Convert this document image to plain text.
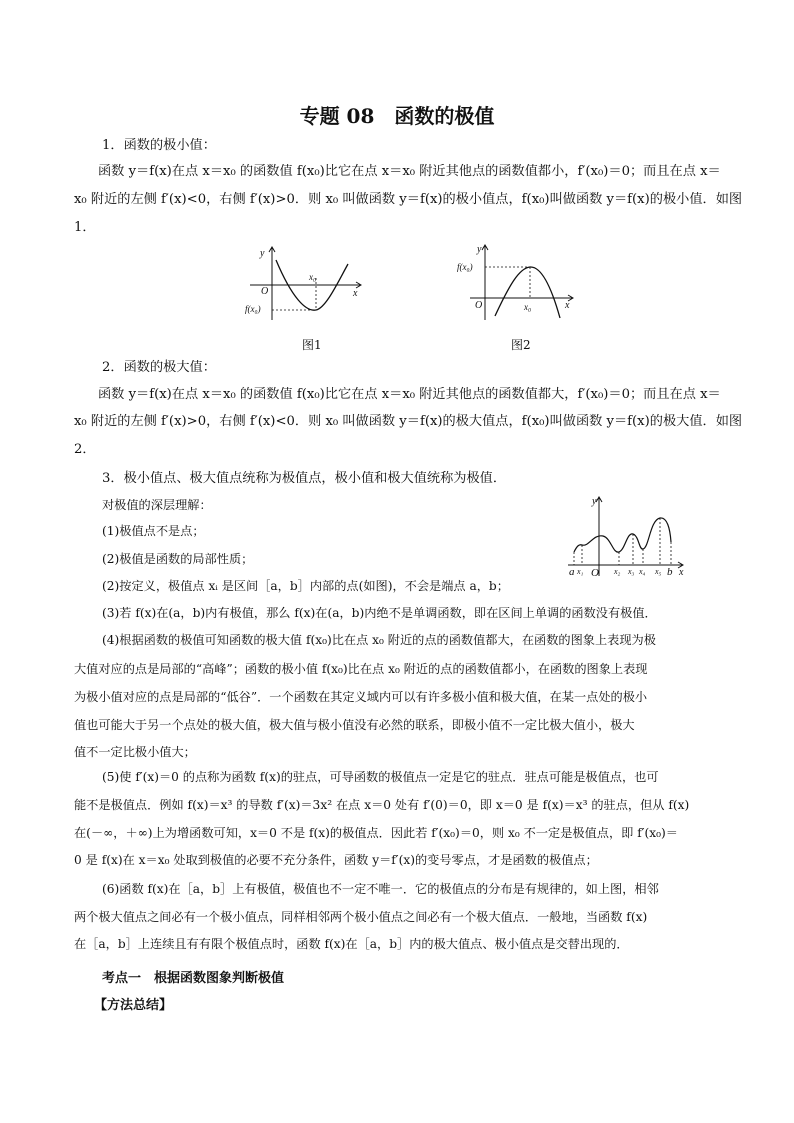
专题 08　函数的极值
1．函数的极小值：
函数 y＝f(x)在点 x＝x₀ 的函数值 f(x₀)比它在点 x＝x₀ 附近其他点的函数值都小，f′(x₀)＝0；而且在点 x＝
x₀ 附近的左侧 f′(x)<0，右侧 f′(x)>0．则 x₀ 叫做函数 y＝f(x)的极小值点，f(x₀)叫做函数 y＝f(x)的极小值．如图
1．
y
x
O
x₀
f(x₀)
图1
y
x
O	x₀
f(x₀)
图2
2．函数的极大值：
函数 y＝f(x)在点 x＝x₀ 的函数值 f(x₀)比它在点 x＝x₀ 附近其他点的函数值都大，f′(x₀)＝0；而且在点 x＝
x₀ 附近的左侧 f′(x)>0，右侧 f′(x)<0．则 x₀ 叫做函数 y＝f(x)的极大值点，f(x₀)叫做函数 y＝f(x)的极大值．如图
2．
3．极小值点、极大值点统称为极值点，极小值和极大值统称为极值．
对极值的深层理解：
(1)极值点不是点；
(2)极值是函数的局部性质；
(2)按定义，极值点 xᵢ 是区间［a，b］内部的点(如图)，不会是端点 a，b；
(3)若 f(x)在(a，b)内有极值，那么 f(x)在(a，b)内绝不是单调函数，即在区间上单调的函数没有极值．
y
x
O
a x₁	x₂ x₃ x₄ x₅ b
(4)根据函数的极值可知函数的极大值 f(x₀)比在点 x₀ 附近的点的函数值都大，在函数的图象上表现为极
大值对应的点是局部的“高峰”；函数的极小值 f(x₀)比在点 x₀ 附近的点的函数值都小，在函数的图象上表现
为极小值对应的点是局部的“低谷”．一个函数在其定义域内可以有许多极小值和极大值，在某一点处的极小
值也可能大于另一个点处的极大值，极大值与极小值没有必然的联系，即极小值不一定比极大值小，极大
值不一定比极小值大；
(5)使 f′(x)＝0 的点称为函数 f(x)的驻点，可导函数的极值点一定是它的驻点．驻点可能是极值点，也可
能不是极值点．例如 f(x)＝x³ 的导数 f′(x)＝3x² 在点 x＝0 处有 f′(0)＝0，即 x＝0 是 f(x)＝x³ 的驻点，但从 f(x)
在(－∞，＋∞)上为增函数可知，x＝0 不是 f(x)的极值点．因此若 f′(x₀)＝0，则 x₀ 不一定是极值点，即 f′(x₀)＝
0 是 f(x)在 x＝x₀ 处取到极值的必要不充分条件，函数 y＝f′(x)的变号零点，才是函数的极值点；
(6)函数 f(x)在［a，b］上有极值，极值也不一定不唯一．它的极值点的分布是有规律的，如上图，相邻
两个极大值点之间必有一个极小值点，同样相邻两个极小值点之间必有一个极大值点．一般地，当函数 f(x)
在［a，b］上连续且有有限个极值点时，函数 f(x)在［a，b］内的极大值点、极小值点是交替出现的．
考点一　根据函数图象判断极值
【方法总结】
